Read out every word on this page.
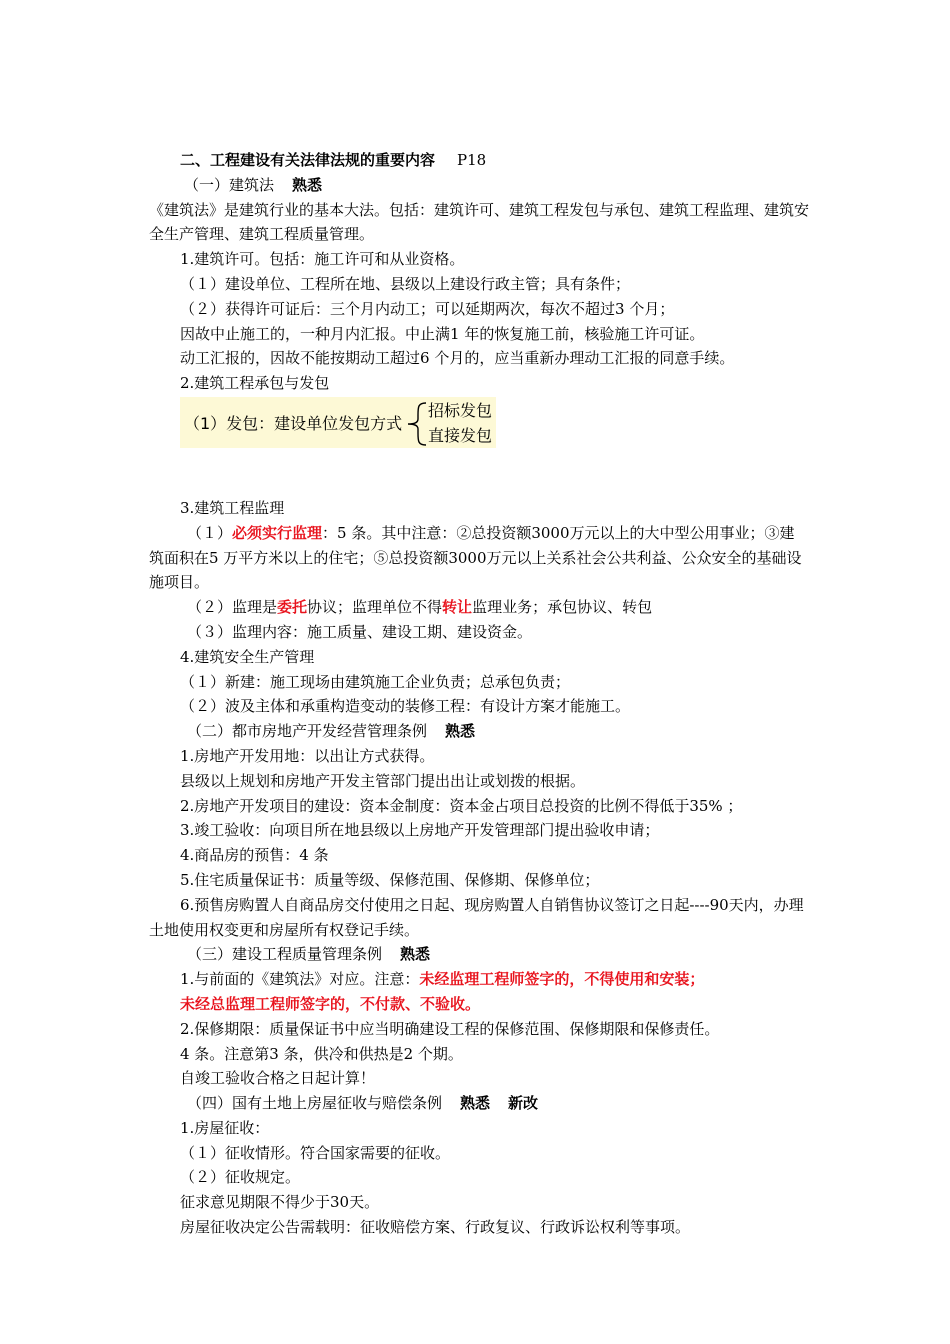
二、工程建设有关法律法规的重要内容 P18
（一）建筑法 熟悉
《建筑法》是建筑行业的基本大法。包括：建筑许可、建筑工程发包与承包、建筑工程监理、建筑安全生产管理、建筑工程质量管理。
1.建筑许可。包括：施工许可和从业资格。
（１）建设单位、工程所在地、县级以上建设行政主管；具有条件；
（２）获得许可证后：三个月内动工；可以延期两次，每次不超过3 个月；
因故中止施工的，一种月内汇报。中止满1 年的恢复施工前，核验施工许可证。
动工汇报的，因故不能按期动工超过6 个月的，应当重新办理动工汇报的同意手续。
2.建筑工程承包与发包
（1）发包：建设单位发包方式
招标发包
直接发包
3.建筑工程监理
（１）必须实行监理：5 条。其中注意：②总投资额3000万元以上的大中型公用事业；③建筑面积在5 万平方米以上的住宅；⑤总投资额3000万元以上关系社会公共利益、公众安全的基础设施项目。
（２）监理是委托协议；监理单位不得转让监理业务；承包协议、转包
（３）监理内容：施工质量、建设工期、建设资金。
4.建筑安全生产管理
（１）新建：施工现场由建筑施工企业负责；总承包负责；
（２）波及主体和承重构造变动的装修工程：有设计方案才能施工。
（二）都市房地产开发经营管理条例 熟悉
1.房地产开发用地：以出让方式获得。
县级以上规划和房地产开发主管部门提出出让或划拨的根据。
2.房地产开发项目的建设：资本金制度：资本金占项目总投资的比例不得低于35% ；
3.竣工验收：向项目所在地县级以上房地产开发管理部门提出验收申请；
4.商品房的预售：4 条
5.住宅质量保证书：质量等级、保修范围、保修期、保修单位；
6.预售房购置人自商品房交付使用之日起、现房购置人自销售协议签订之日起----90天内，办理土地使用权变更和房屋所有权登记手续。
（三）建设工程质量管理条例 熟悉
1.与前面的《建筑法》对应。注意：未经监理工程师签字的，不得使用和安装；
未经总监理工程师签字的，不付款、不验收。
2.保修期限：质量保证书中应当明确建设工程的保修范围、保修期限和保修责任。
4 条。注意第3 条，供冷和供热是2 个期。
自竣工验收合格之日起计算！
（四）国有土地上房屋征收与赔偿条例 熟悉 新改
1.房屋征收：
（１）征收情形。符合国家需要的征收。
（２）征收规定。
征求意见期限不得少于30天。
房屋征收决定公告需载明：征收赔偿方案、行政复议、行政诉讼权利等事项。
